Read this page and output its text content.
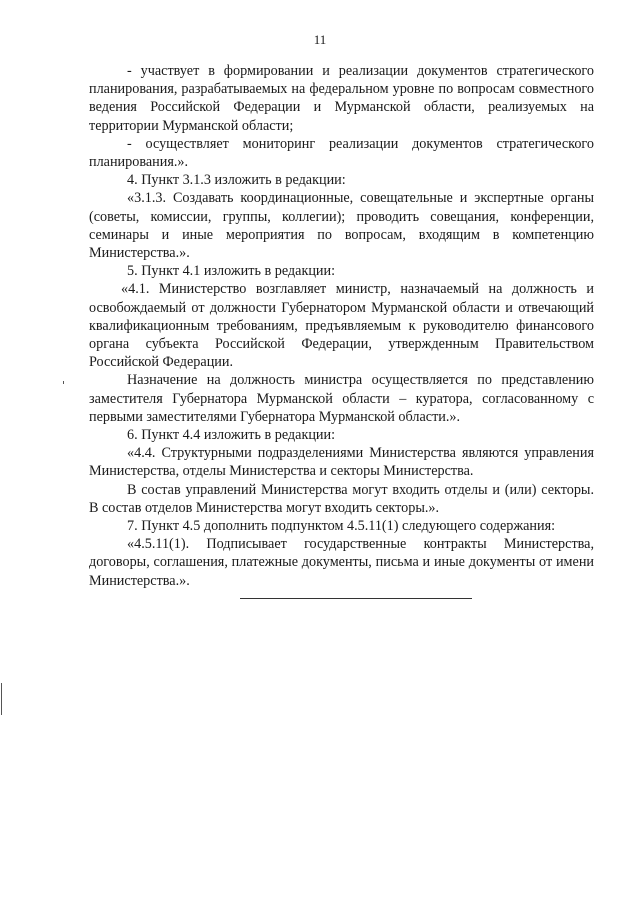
11

- участвует в формировании и реализации документов стратегического планирования, разрабатываемых на федеральном уровне по вопросам совместного ведения Российской Федерации и Мурманской области, реализуемых на территории Мурманской области;

- осуществляет мониторинг реализации документов стратегического планирования.».

4. Пункт 3.1.3 изложить в редакции:

«3.1.3. Создавать координационные, совещательные и экспертные органы (советы, комиссии, группы, коллегии); проводить совещания, конференции, семинары и иные мероприятия по вопросам, входящим в компетенцию Министерства.».

5. Пункт 4.1 изложить в редакции:

«4.1. Министерство возглавляет министр, назначаемый на должность и освобождаемый от должности Губернатором Мурманской области и отвечающий квалификационным требованиям, предъявляемым к руководителю финансового органа субъекта Российской Федерации, утвержденным Правительством Российской Федерации.

Назначение на должность министра осуществляется по представлению заместителя Губернатора Мурманской области – куратора, согласованному с первыми заместителями Губернатора Мурманской области.».

6. Пункт 4.4 изложить в редакции:

«4.4. Структурными подразделениями Министерства являются управления Министерства, отделы Министерства и секторы Министерства.

В состав управлений Министерства могут входить отделы и (или) секторы. В состав отделов Министерства могут входить секторы.».

7. Пункт 4.5 дополнить подпунктом 4.5.11(1) следующего содержания:

«4.5.11(1). Подписывает государственные контракты Министерства, договоры, соглашения, платежные документы, письма и иные документы от имени Министерства.».
